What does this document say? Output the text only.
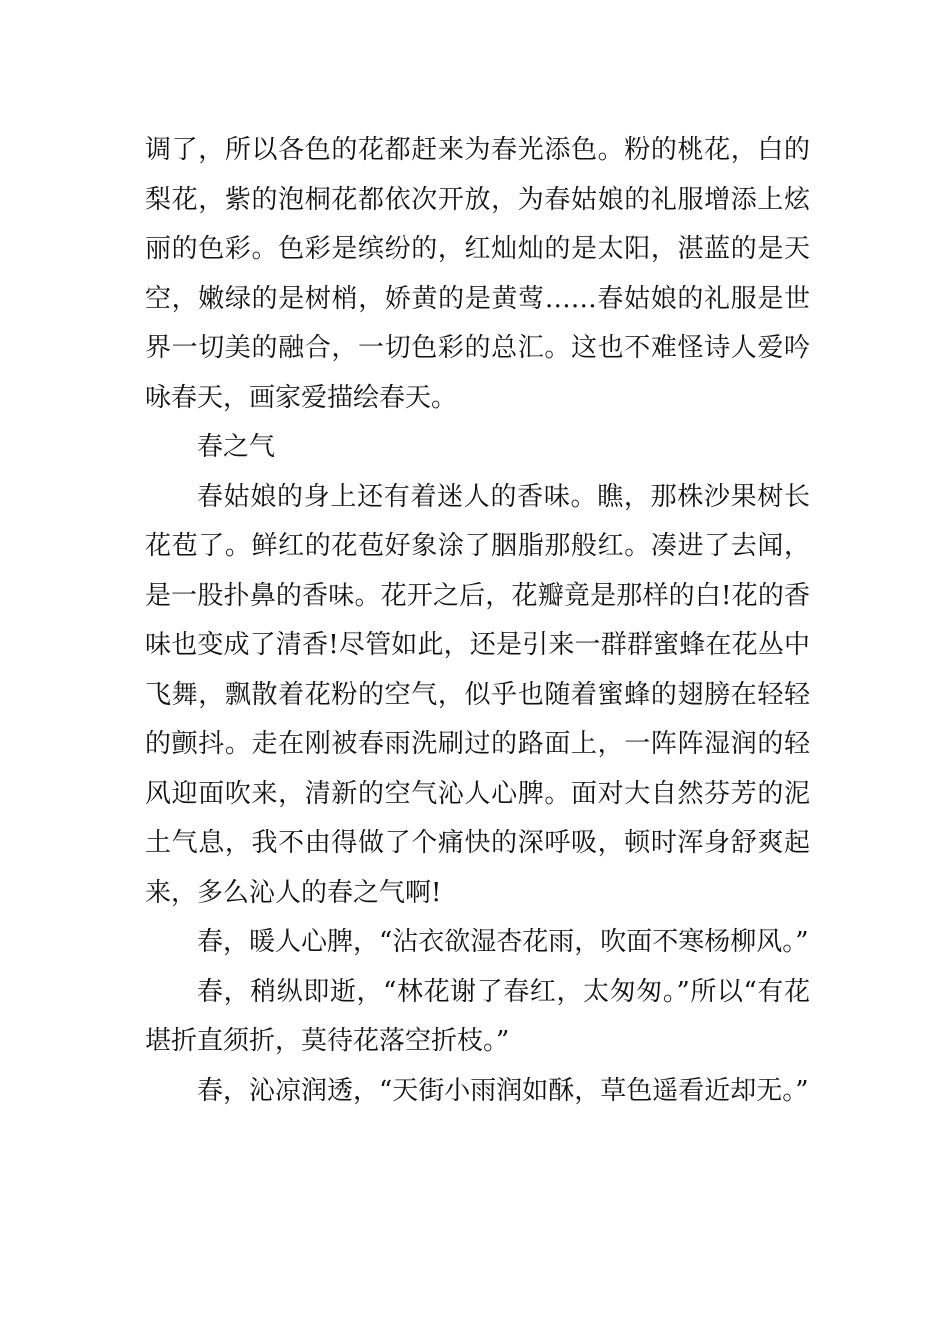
调了，所以各色的花都赶来为春光添色。粉的桃花，白的梨花，紫的泡桐花都依次开放，为春姑娘的礼服增添上炫丽的色彩。色彩是缤纷的，红灿灿的是太阳，湛蓝的是天空，嫩绿的是树梢，娇黄的是黄莺……春姑娘的礼服是世界一切美的融合，一切色彩的总汇。这也不难怪诗人爱吟咏春天，画家爱描绘春天。

春之气

春姑娘的身上还有着迷人的香味。瞧，那株沙果树长花苞了。鲜红的花苞好象涂了胭脂那般红。凑进了去闻，是一股扑鼻的香味。花开之后，花瓣竟是那样的白!花的香味也变成了清香!尽管如此，还是引来一群群蜜蜂在花丛中飞舞，飘散着花粉的空气，似乎也随着蜜蜂的翅膀在轻轻的颤抖。走在刚被春雨洗刷过的路面上，一阵阵湿润的轻风迎面吹来，清新的空气沁人心脾。面对大自然芬芳的泥土气息，我不由得做了个痛快的深呼吸，顿时浑身舒爽起来，多么沁人的春之气啊!

春，暖人心脾，“沾衣欲湿杏花雨，吹面不寒杨柳风。”

春，稍纵即逝，“林花谢了春红，太匆匆。”所以“有花堪折直须折，莫待花落空折枝。”

春，沁凉润透，“天街小雨润如酥，草色遥看近却无。”
